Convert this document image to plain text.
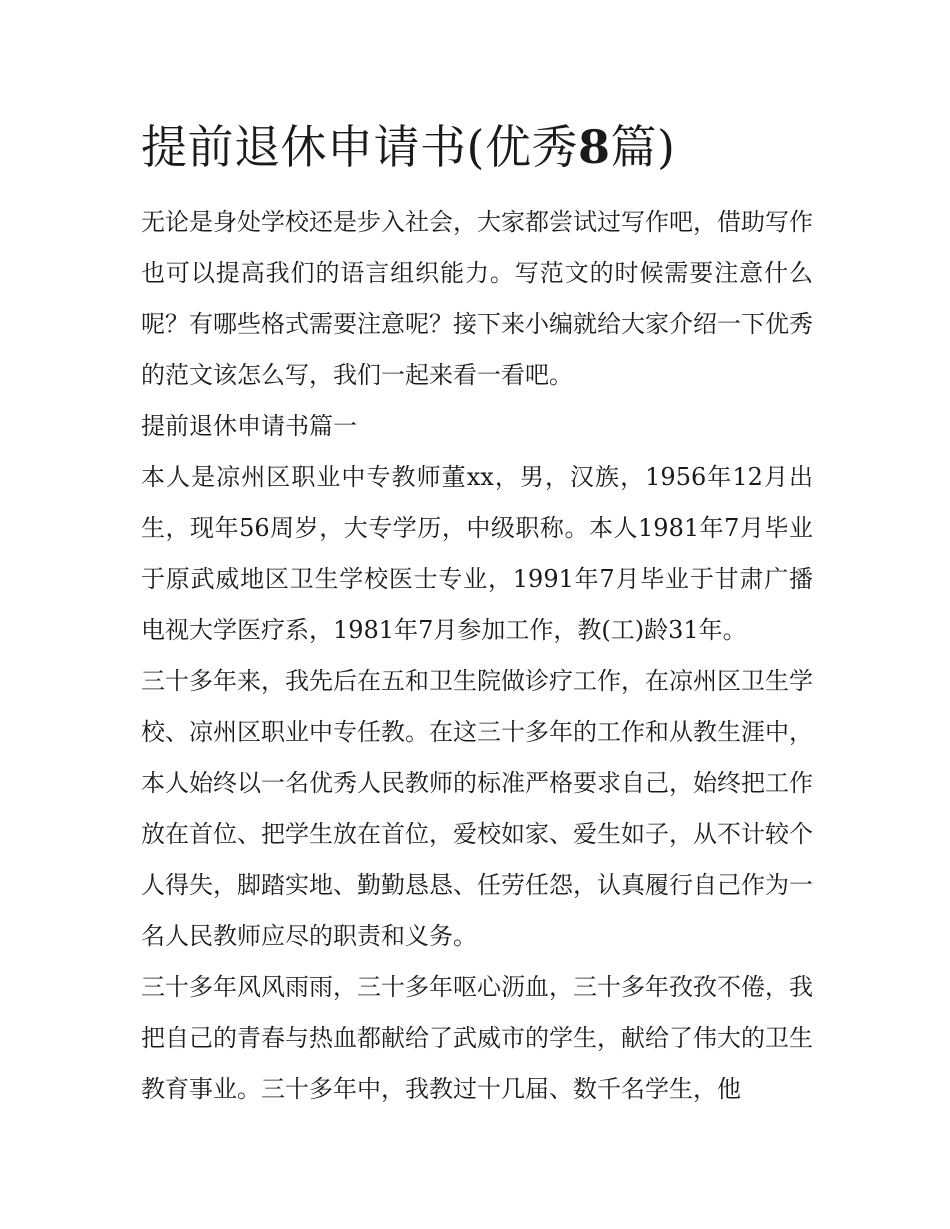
提前退休申请书(优秀8篇)

无论是身处学校还是步入社会，大家都尝试过写作吧，借助写作也可以提高我们的语言组织能力。写范文的时候需要注意什么呢？有哪些格式需要注意呢？接下来小编就给大家介绍一下优秀的范文该怎么写，我们一起来看一看吧。

提前退休申请书篇一

本人是凉州区职业中专教师董xx，男，汉族，1956年12月出生，现年56周岁，大专学历，中级职称。本人1981年7月毕业于原武威地区卫生学校医士专业，1991年7月毕业于甘肃广播电视大学医疗系，1981年7月参加工作，教(工)龄31年。

三十多年来，我先后在五和卫生院做诊疗工作，在凉州区卫生学校、凉州区职业中专任教。在这三十多年的工作和从教生涯中，本人始终以一名优秀人民教师的标准严格要求自己，始终把工作放在首位、把学生放在首位，爱校如家、爱生如子，从不计较个人得失，脚踏实地、勤勤恳恳、任劳任怨，认真履行自己作为一名人民教师应尽的职责和义务。

三十多年风风雨雨，三十多年呕心沥血，三十多年孜孜不倦，我把自己的青春与热血都献给了武威市的学生，献给了伟大的卫生教育事业。三十多年中，我教过十几届、数千名学生，他
